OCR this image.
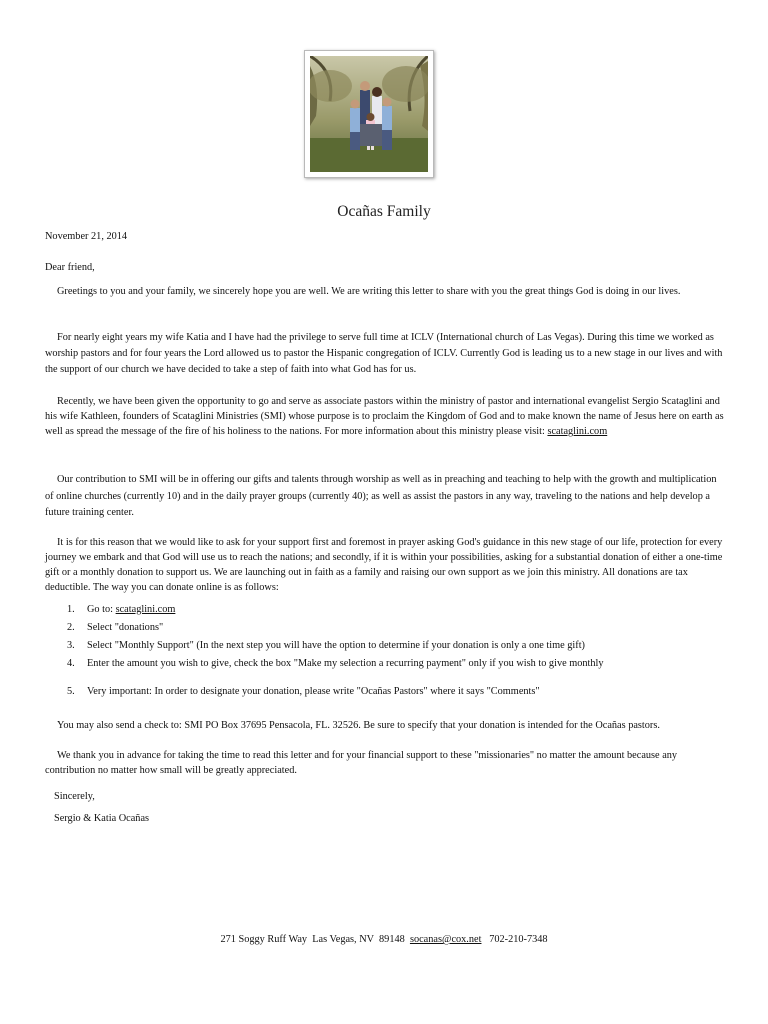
Ocañas Family
November 21, 2014
Dear friend,
Greetings to you and your family, we sincerely hope you are well. We are writing this letter to share with you the great things God is doing in our lives.
For nearly eight years my wife Katia and I have had the privilege to serve full time at ICLV (International church of Las Vegas). During this time we worked as worship pastors and for four years the Lord allowed us to pastor the Hispanic congregation of ICLV. Currently God is leading us to a new stage in our lives and with the support of our church we have decided to take a step of faith into what God has for us.
Recently, we have been given the opportunity to go and serve as associate pastors within the ministry of pastor and international evangelist Sergio Scataglini and his wife Kathleen, founders of Scataglini Ministries (SMI) whose purpose is to proclaim the Kingdom of God and to make known the name of Jesus here on earth as well as spread the message of the fire of his holiness to the nations. For more information about this ministry please visit: scataglini.com
Our contribution to SMI will be in offering our gifts and talents through worship as well as in preaching and teaching to help with the growth and multiplication of online churches (currently 10) and in the daily prayer groups (currently 40); as well as assist the pastors in any way, traveling to the nations and help develop a future training center.
It is for this reason that we would like to ask for your support first and foremost in prayer asking God's guidance in this new stage of our life, protection for every journey we embark and that God will use us to reach the nations; and secondly, if it is within your possibilities, asking for a substantial donation of either a one-time gift or a monthly donation to support us. We are launching out in faith as a family and raising our own support as we join this ministry. All donations are tax deductible. The way you can donate online is as follows:
1. Go to: scataglini.com
2. Select "donations"
3. Select "Monthly Support" (In the next step you will have the option to determine if your donation is only a one time gift)
4. Enter the amount you wish to give, check the box "Make my selection a recurring payment" only if you wish to give monthly
5. Very important: In order to designate your donation, please write "Ocañas Pastors" where it says "Comments"
You may also send a check to: SMI PO Box 37695 Pensacola, FL. 32526. Be sure to specify that your donation is intended for the Ocañas pastors.
We thank you in advance for taking the time to read this letter and for your financial support to these "missionaries" no matter the amount because any contribution no matter how small will be greatly appreciated.
Sincerely,
Sergio & Katia Ocañas
271 Soggy Ruff Way  Las Vegas, NV  89148  socanas@cox.net   702-210-7348
